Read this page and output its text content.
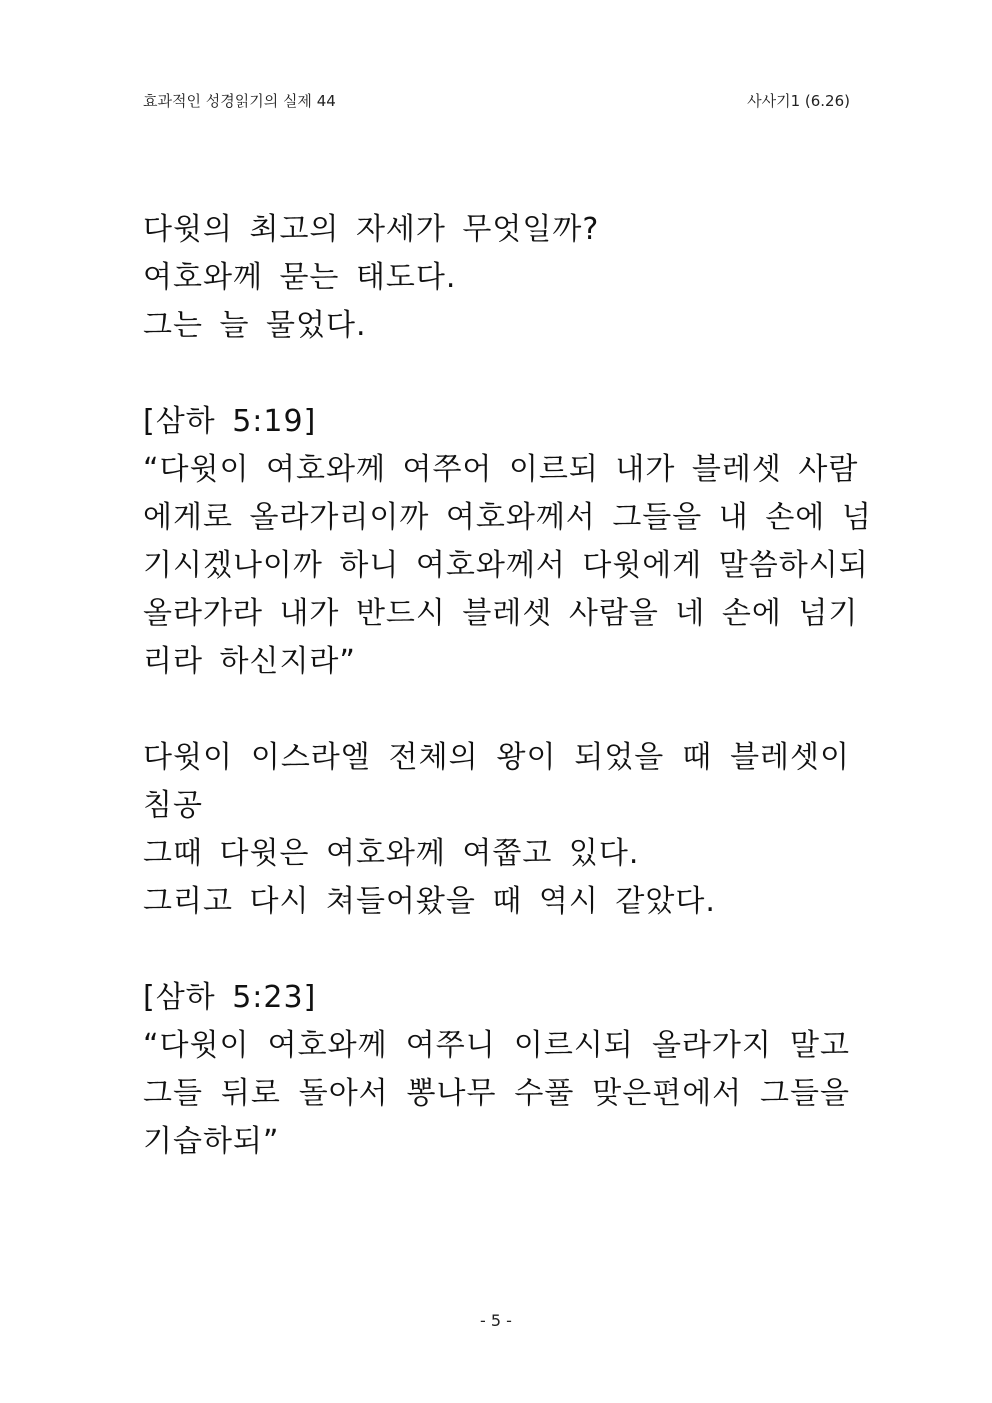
효과적인 성경읽기의 실제 44	사사기1 (6.26)
다윗의 최고의 자세가 무엇일까?
여호와께 묻는 태도다.
그는 늘 물었다.
[삼하 5:19]
“다윗이 여호와께 여쭈어 이르되 내가 블레셋 사람
에게로 올라가리이까 여호와께서 그들을 내 손에 넘
기시겠나이까 하니 여호와께서 다윗에게 말씀하시되
올라가라 내가 반드시 블레셋 사람을 네 손에 넘기
리라 하신지라”
다윗이 이스라엘 전체의 왕이 되었을 때 블레셋이
침공
그때 다윗은 여호와께 여쭙고 있다.
그리고 다시 쳐들어왔을 때 역시 같았다.
[삼하 5:23]
“다윗이 여호와께 여쭈니 이르시되 올라가지 말고
그들 뒤로 돌아서 뽕나무 수풀 맞은편에서 그들을
기습하되”
- 5 -
